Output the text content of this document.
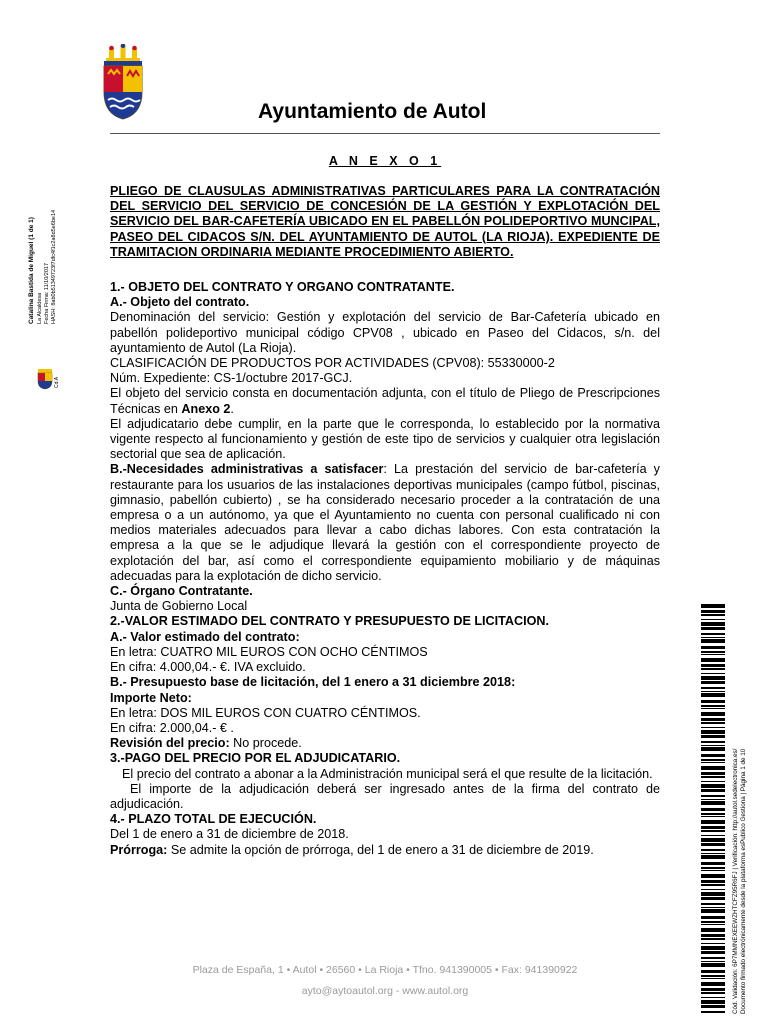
Ayuntamiento de Autol
Catalina Bastida de Miguel (1 de 1) La Alcaldesa Fecha Firma: 11/10/2017 HASH: 8ab0b51349723f7dfc4f1c2a8d5e6be14
Cd.A
Cód. Validación: 6P7MMNEXEEWZHTCFZ95R6FJ | Verificación: http://autol.sedelectronica.es/ Documento firmado electrónicamente desde la plataforma esPublico Gestiona | Página 1 de 10
A N E X O 1

PLIEGO DE CLAUSULAS ADMINISTRATIVAS PARTICULARES PARA LA CONTRATACIÓN DEL SERVICIO DEL SERVICIO DE CONCESIÓN DE LA GESTIÓN Y EXPLOTACIÓN DEL SERVICIO DEL BAR-CAFETERÍA UBICADO EN EL PABELLÓN POLIDEPORTIVO MUNCIPAL, PASEO DEL CIDACOS S/N. DEL AYUNTAMIENTO DE AUTOL (LA RIOJA). EXPEDIENTE DE TRAMITACION ORDINARIA MEDIANTE PROCEDIMIENTO ABIERTO.

1.- OBJETO DEL CONTRATO Y ORGANO CONTRATANTE.

A.- Objeto del contrato.

Denominación del servicio: Gestión y explotación del servicio de Bar-Cafetería ubicado en pabellón polideportivo municipal código CPV08 , ubicado en Paseo del Cidacos, s/n. del ayuntamiento de Autol (La Rioja).

CLASIFICACIÓN DE PRODUCTOS POR ACTIVIDADES (CPV08): 55330000-2

Núm. Expediente: CS-1/octubre 2017-GCJ.

El objeto del servicio consta en documentación adjunta, con el título de Pliego de Prescripciones Técnicas en Anexo 2.

El adjudicatario debe cumplir, en la parte que le corresponda, lo establecido por la normativa vigente respecto al funcionamiento y gestión de este tipo de servicios y cualquier otra legislación sectorial que sea de aplicación.

B.-Necesidades administrativas a satisfacer: La prestación del servicio de bar-cafetería y restaurante para los usuarios de las instalaciones deportivas municipales (campo fútbol, piscinas, gimnasio, pabellón cubierto) , se ha considerado necesario proceder a la contratación de una empresa o a un autónomo, ya que el Ayuntamiento no cuenta con personal cualificado ni con medios materiales adecuados para llevar a cabo dichas labores. Con esta contratación la empresa a la que se le adjudique llevará la gestión con el correspondiente proyecto de explotación del bar, así como el correspondiente equipamiento mobiliario y de máquinas adecuadas para la explotación de dicho servicio.

C.- Órgano Contratante.

Junta de Gobierno Local

2.-VALOR ESTIMADO DEL CONTRATO Y PRESUPUESTO DE LICITACION.

A.- Valor estimado del contrato:

En letra: CUATRO MIL EUROS CON OCHO CÉNTIMOS

En cifra: 4.000,04.- €. IVA excluido.

B.- Presupuesto base de licitación, del 1 enero a 31 diciembre 2018:

Importe Neto:

En letra: DOS MIL EUROS CON CUATRO CÉNTIMOS.

En cifra: 2.000,04.- € .

Revisión del precio: No procede.

3.-PAGO DEL PRECIO POR EL ADJUDICATARIO.

El precio del contrato a abonar a la Administración municipal será el que resulte de la licitación.

El importe de la adjudicación deberá ser ingresado antes de la firma del contrato de adjudicación.

4.- PLAZO TOTAL DE EJECUCIÓN.

Del 1 de enero a 31 de diciembre de 2018.

Prórroga: Se admite la opción de prórroga, del 1 de enero a 31 de diciembre de 2019.

Plaza de España, 1 • Autol • 26560 • La Rioja • Tfno. 941390005 • Fax: 941390922
ayto@aytoautol.org - www.autol.org
